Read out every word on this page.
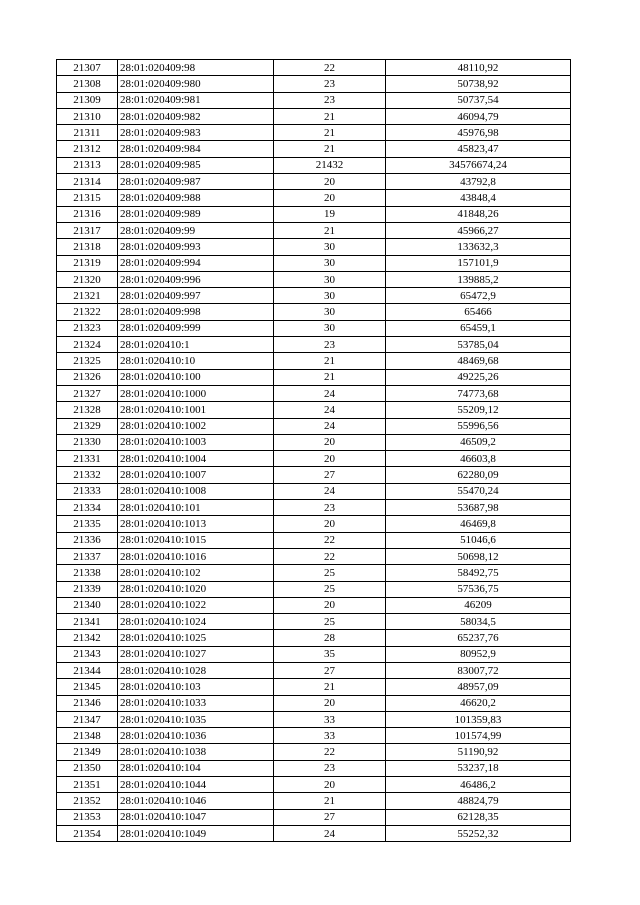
21307	28:01:020409:98	22	48110,92
21308	28:01:020409:980	23	50738,92
21309	28:01:020409:981	23	50737,54
21310	28:01:020409:982	21	46094,79
21311	28:01:020409:983	21	45976,98
21312	28:01:020409:984	21	45823,47
21313	28:01:020409:985	21432	34576674,24
21314	28:01:020409:987	20	43792,8
21315	28:01:020409:988	20	43848,4
21316	28:01:020409:989	19	41848,26
21317	28:01:020409:99	21	45966,27
21318	28:01:020409:993	30	133632,3
21319	28:01:020409:994	30	157101,9
21320	28:01:020409:996	30	139885,2
21321	28:01:020409:997	30	65472,9
21322	28:01:020409:998	30	65466
21323	28:01:020409:999	30	65459,1
21324	28:01:020410:1	23	53785,04
21325	28:01:020410:10	21	48469,68
21326	28:01:020410:100	21	49225,26
21327	28:01:020410:1000	24	74773,68
21328	28:01:020410:1001	24	55209,12
21329	28:01:020410:1002	24	55996,56
21330	28:01:020410:1003	20	46509,2
21331	28:01:020410:1004	20	46603,8
21332	28:01:020410:1007	27	62280,09
21333	28:01:020410:1008	24	55470,24
21334	28:01:020410:101	23	53687,98
21335	28:01:020410:1013	20	46469,8
21336	28:01:020410:1015	22	51046,6
21337	28:01:020410:1016	22	50698,12
21338	28:01:020410:102	25	58492,75
21339	28:01:020410:1020	25	57536,75
21340	28:01:020410:1022	20	46209
21341	28:01:020410:1024	25	58034,5
21342	28:01:020410:1025	28	65237,76
21343	28:01:020410:1027	35	80952,9
21344	28:01:020410:1028	27	83007,72
21345	28:01:020410:103	21	48957,09
21346	28:01:020410:1033	20	46620,2
21347	28:01:020410:1035	33	101359,83
21348	28:01:020410:1036	33	101574,99
21349	28:01:020410:1038	22	51190,92
21350	28:01:020410:104	23	53237,18
21351	28:01:020410:1044	20	46486,2
21352	28:01:020410:1046	21	48824,79
21353	28:01:020410:1047	27	62128,35
21354	28:01:020410:1049	24	55252,32
